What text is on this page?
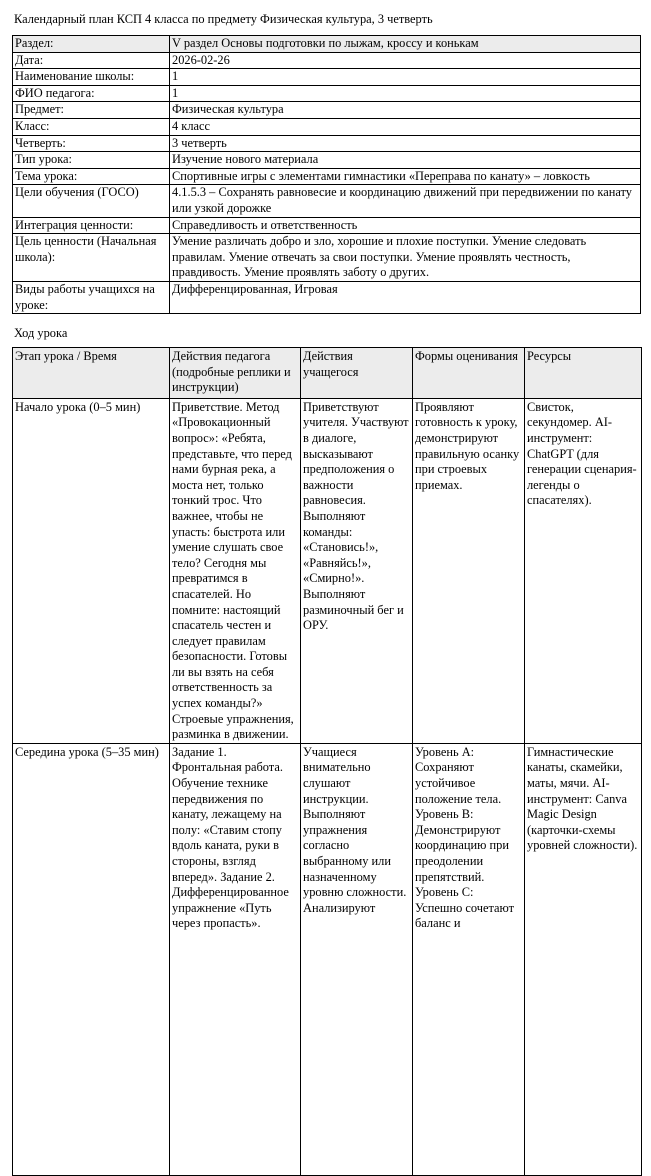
Календарный план КСП 4 класса по предмету Физическая культура, 3 четверть
Раздел:	V раздел Основы подготовки по лыжам, кроссу и конькам
Дата:	2026-02-26
Наименование школы:	1
ФИО педагога:	1
Предмет:	Физическая культура
Класс:	4 класс
Четверть:	3 четверть
Тип урока:	Изучение нового материала
Тема урока:	Спортивные игры с элементами гимнастики «Переправа по канату» – ловкость
Цели обучения (ГОСО)	4.1.5.3 – Сохранять равновесие и координацию движений при передвижении по канату или узкой дорожке
Интеграция ценности:	Справедливость и ответственность
Цель ценности (Начальная школа):	Умение различать добро и зло, хорошие и плохие поступки. Умение следовать правилам. Умение отвечать за свои поступки. Умение проявлять честность, правдивость. Умение проявлять заботу о других.
Виды работы учащихся на уроке:	Дифференцированная, Игровая
Ход урока
Этап урока / Время	Действия педагога (подробные реплики и инструкции)	Действия учащегося	Формы оценивания	Ресурсы
Начало урока (0–5 мин)	Приветствие. Метод «Провокационный вопрос»: «Ребята, представьте, что перед нами бурная река, а моста нет, только тонкий трос. Что важнее, чтобы не упасть: быстрота или умение слушать свое тело? Сегодня мы превратимся в спасателей. Но помните: настоящий спасатель честен и следует правилам безопасности. Готовы ли вы взять на себя ответственность за успех команды?» Строевые упражнения, разминка в движении.	Приветствуют учителя. Участвуют в диалоге, высказывают предположения о важности равновесия. Выполняют команды: «Становись!», «Равняйсь!», «Смирно!». Выполняют разминочный бег и ОРУ.	Проявляют готовность к уроку, демонстрируют правильную осанку при строевых приемах.	Свисток, секундомер. AI-инструмент: ChatGPT (для генерации сценария-легенды о спасателях).
Середина урока (5–35 мин)	Задание 1. Фронтальная работа. Обучение технике передвижения по канату, лежащему на полу: «Ставим стопу вдоль каната, руки в стороны, взгляд вперед». Задание 2. Дифференцированное упражнение «Путь через пропасть».	Учащиеся внимательно слушают инструкции. Выполняют упражнения согласно выбранному или назначенному уровню сложности. Анализируют	Уровень А: Сохраняют устойчивое положение тела. Уровень В: Демонстрируют координацию при преодолении препятствий. Уровень С: Успешно сочетают баланс и	Гимнастические канаты, скамейки, маты, мячи. AI-инструмент: Canva Magic Design (карточки-схемы уровней сложности).
